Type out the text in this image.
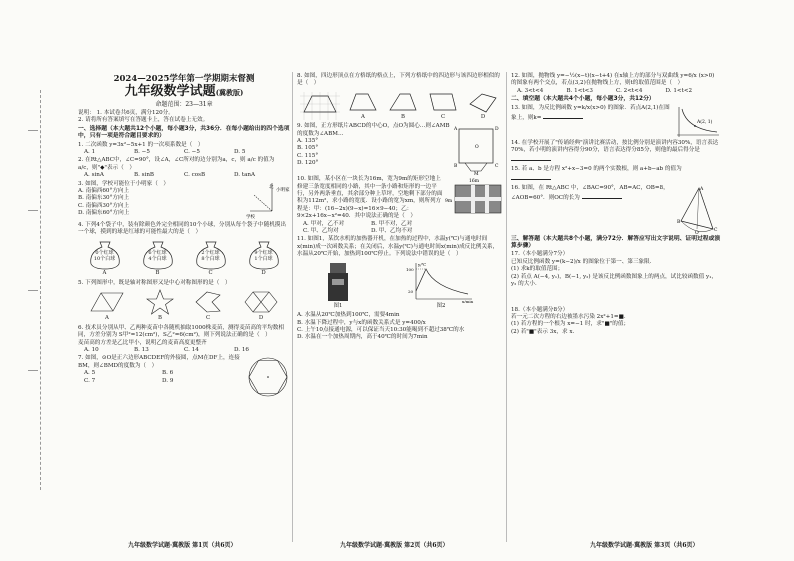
2024—2025学年第一学期期末督测
九年级数学试题(冀教版)
命题范围：23—31章
说明： 1. 本试卷共6页，满分120分。
2. 请将所有答案填写在答题卡上，答在试卷上无效。
一、选择题（本大题共12个小题，每小题3分，共36分．在每小题给出的四个选项中，只有一项是符合题目要求的）
1. 二次函数 y=3x²−5x+1 的一次项系数是（　）
A. 1	B. −5	C. −5	D. 5
2. 在Rt△ABC中，∠C=90°，设∠A，∠C所对的边分别为a，c，则 a/c 的值为
a/c，则"◆"表示（　）
A. sinA	B. sinB	C. cosB	D. tanA
3. 如图，学校可能位于小明家（　）
A. 南偏西60°方向上
B. 南偏东30°方向上
C. 南偏西30°方向上
D. 南偏东60°方向上
小明家
学校
北
4. 下列4个袋子中，装有除颜色外完全相同的10个小球，分别从每个袋子中随机摸出一个球，摸到的球是红球的可能性最大的是（　）
0个红球
10个白球
A
6个红球
4个白球
B
2个红球
8个白球
C
9个红球
1个白球
D
5. 下列图形中，既是轴对称图形又是中心对称图形的是（　）
A	B	C	D
6. 技术员分别从甲、乙两种麦苗中各随机抽取1000株麦苗，测得麦苗高的平均数相同，方差分别为 S甲²=12(cm²)，S乙²=6(cm²)，则下列说法正确的是（　）
麦苗高的方差是乙比甲小，说明乙的麦苗高度更整齐
A. 10	B. 13	C. 14	D. 16
7. 如图，⊙O是正六边形ABCDEF的外接圆，点M在DF上，连接BM，则∠BMD的度数为（　）
A. 5	B. 6
C. 7	D. 9
8. 如图，四边形顶点在方格纸的格点上，下列方格纸中的四边形与该四边形相似的是（　）
A	B	C	D
9. 如图，正方形纸片ABCD的中心O，点O为圆心…则∠AMB的度数为∠ABM…
A. 135°
B. 105°
C. 115°
D. 120°
A	D
B	C
O
M
10. 如图，某小区在一块长为16m，宽为9m的矩形空地上修建三条宽度相同的小路，其中一条小路和矩形的一边平行，另外两条垂直，其余部分种上草坪，空地剩下部分的面积为112m²，求小路的宽度．设小路的宽为xm，则所列方程是：甲：(16−2x)(9−x)=16×9−40；乙：9×2x+16x−x²=40．其中说法正确的是（　）
A. 甲对，乙不对	B. 甲不对，乙对
C. 甲、乙均对	D. 甲、乙均不对
16m
9m
11. 如图1，某饮水机的加热器开机，在加热的过程中，水温y(℃)与通电时间x(min)成一次函数关系；在关闭后，水温y(℃)与通电时间x(min)成反比例关系，水温从20℃开始，加热到100℃停止。下列说法中错误的是（　）
图1
y/℃
x/min
100
20
图2
A. 水温从20℃加热到100℃，需要4min
B. 水温下降过程中，y与x的函数关系式是 y=400/x
C. 上午10点接通电源，可以保证当天10:30能喝到不超过38℃的水
D. 水温在一个加热周期内，高于40℃的时间为7min
12. 如图，抛物线 y=−½(x−t)(x−t+4) 在x轴上方的部分与双曲线 y=6/x (x>0) 的图象有两个交点，若点(3,2)在抛物线上方，则t的取值范围是（　）
A. 3<t<4	B. 1<t<3	C. 2<t<4	D. 1<t<2
二、填空题（本大题共4个小题，每小题3分，共12分）
13. 如图，为反比例函数 y=k/x(x>0) 的图象．若点A(2,1)在图象上，则k=
A(2, 1)
14. 在学校开展了"传诵经典"演讲比赛活动，按比例分别是演讲内容30%，语言表达70%，若小明的演讲内容得分90分，语言表达得分85分，则他的最后得分是
15. 若 a、b 是方程 x²+x−3=0 的两个实数根，则 a+b−ab 的值为
16. 如图，在 Rt△ABC 中，∠BAC=90°，AB=AC，OB=8，∠AOB=60°．则OC的长为
A
B
C
O
三、解答题（本大题共8个小题，满分72分．解答应写出文字说明、证明过程或演算步骤）
17.（本小题满分7分）
已知反比例函数 y=(k−2)/x 的图象位于第一、第三象限．
(1) 求k的取值范围；
(2) 若点 A(−4, y₁)，B(−1, y₂) 是该反比例函数图象上的两点，试比较函数值 y₁，y₂ 的大小．
18.（本小题满分8分）
若一元二次方程的右边被墨水污染 2x²+1=■．
(1) 若方程的一个根为 x=−1 时，求"■"的值；
(2) 若"■"表示 3x，求 x．
九年级数学试题·冀教版 第1页（共6页）	九年级数学试题·冀教版 第2页（共6页）	九年级数学试题·冀教版 第3页（共6页）
